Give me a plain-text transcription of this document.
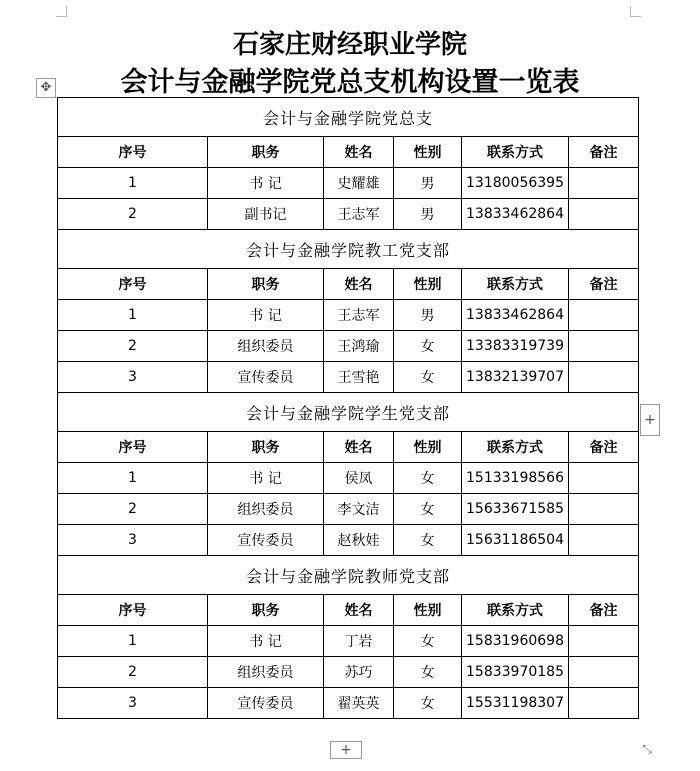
石家庄财经职业学院
会计与金融学院党总支机构设置一览表
✥
会计与金融学院党总支					
序号	职务	姓名	性别	联系方式	备注
1	书 记	史耀雄	男	13180056395	
2	副书记	王志军	男	13833462864	
会计与金融学院教工党支部					
序号	职务	姓名	性别	联系方式	备注
1	书 记	王志军	男	13833462864	
2	组织委员	王鸿瑜	女	13383319739	
3	宣传委员	王雪艳	女	13832139707	
会计与金融学院学生党支部					
序号	职务	姓名	性别	联系方式	备注
1	书 记	侯凤	女	15133198566	
2	组织委员	李文洁	女	15633671585	
3	宣传委员	赵秋娃	女	15631186504	
会计与金融学院教师党支部					
序号	职务	姓名	性别	联系方式	备注
1	书 记	丁岩	女	15831960698	
2	组织委员	苏巧	女	15833970185	
3	宣传委员	翟英英	女	15531198307	
+
+	⤡
